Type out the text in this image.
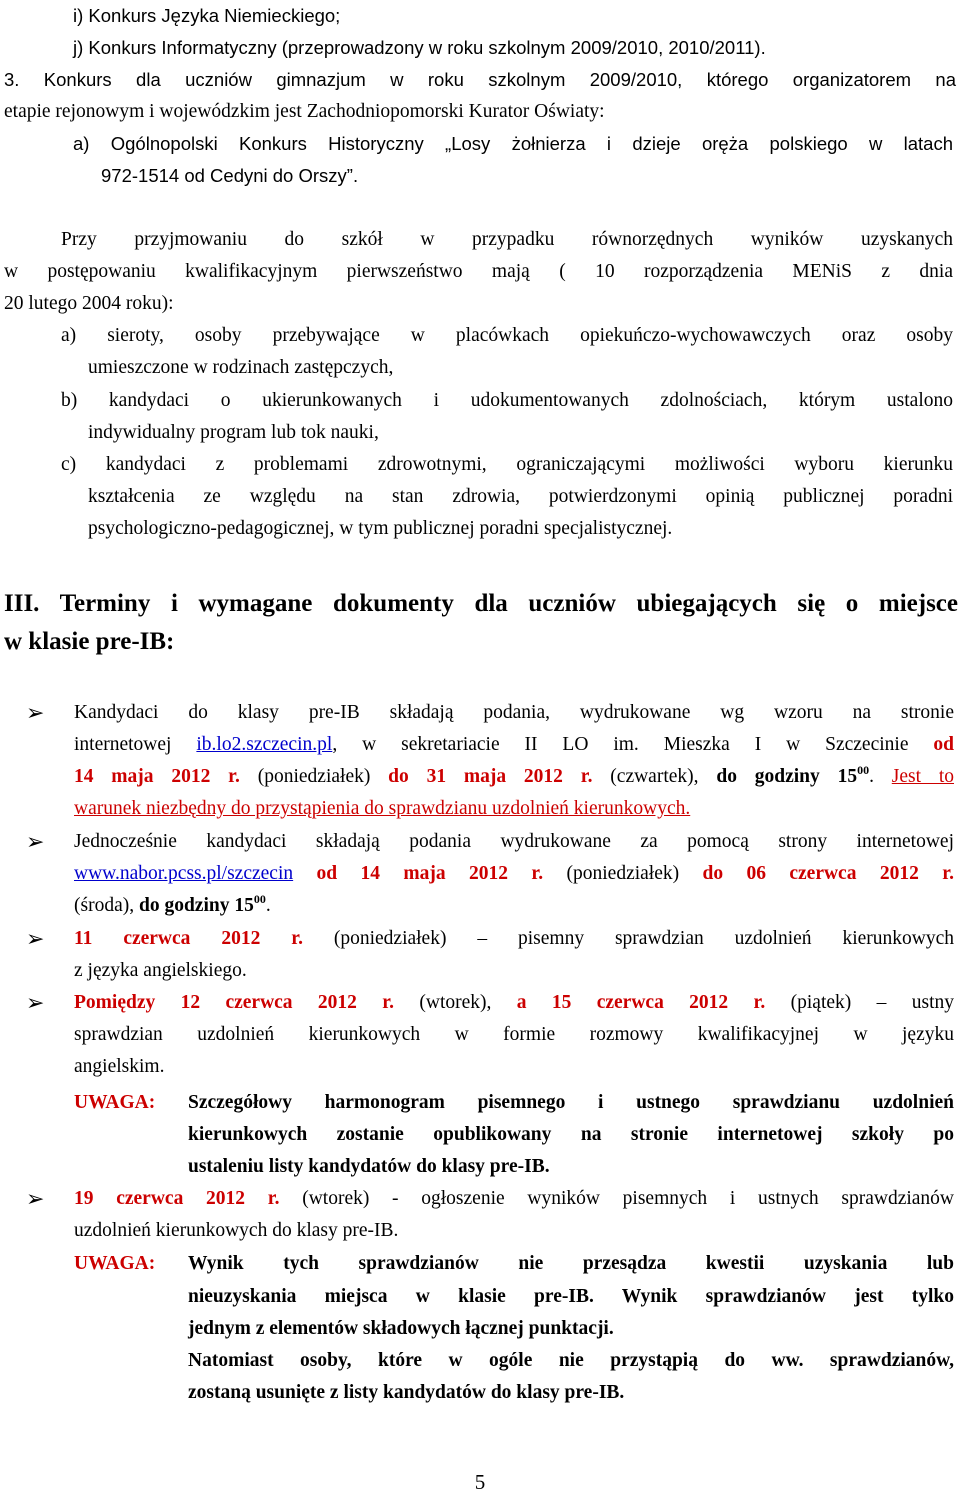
i) Konkurs Języka Niemieckiego;
j) Konkurs Informatyczny (przeprowadzony w roku szkolnym 2009/2010, 2010/2011).
3. Konkurs dla uczniów gimnazjum w roku szkolnym 2009/2010, którego organizatorem na
etapie rejonowym i wojewódzkim jest Zachodniopomorski Kurator Oświaty:
a) Ogólnopolski Konkurs Historyczny „Losy żołnierza i dzieje oręża polskiego w latach
972-1514 od Cedyni do Orszy”.
Przy przyjmowaniu do szkół w przypadku równorzędnych wyników uzyskanych
w postępowaniu kwalifikacyjnym pierwszeństwo mają ( 10 rozporządzenia MENiS z dnia
20 lutego 2004 roku):
a) sieroty, osoby przebywające w placówkach opiekuńczo-wychowawczych oraz osoby
umieszczone w rodzinach zastępczych,
b) kandydaci o ukierunkowanych i udokumentowanych zdolnościach, którym ustalono
indywidualny program lub tok nauki,
c) kandydaci z problemami zdrowotnymi, ograniczającymi możliwości wyboru kierunku
kształcenia ze względu na stan zdrowia, potwierdzonymi opinią publicznej poradni
psychologiczno-pedagogicznej, w tym publicznej poradni specjalistycznej.
III. Terminy i wymagane dokumenty dla uczniów ubiegających się o miejsce
w klasie pre-IB:
➢ Kandydaci do klasy pre-IB składają podania, wydrukowane wg wzoru na stronie
internetowej ib.lo2.szczecin.pl, w sekretariacie II LO im. Mieszka I w Szczecinie od
14 maja 2012 r. (poniedziałek) do 31 maja 2012 r. (czwartek), do godziny $15^{00}$. Jest to
warunek niezbędny do przystąpienia do sprawdzianu uzdolnień kierunkowych.
➢ Jednocześnie kandydaci składają podania wydrukowane za pomocą strony internetowej
www.nabor.pcss.pl/szczecin od 14 maja 2012 r. (poniedziałek) do 06 czerwca 2012 r.
(środa), do godziny $15^{00}$.
➢ 11 czerwca 2012 r. (poniedziałek) – pisemny sprawdzian uzdolnień kierunkowych
z języka angielskiego.
➢ Pomiędzy 12 czerwca 2012 r. (wtorek), a 15 czerwca 2012 r. (piątek) – ustny
sprawdzian uzdolnień kierunkowych w formie rozmowy kwalifikacyjnej w języku
angielskim.
UWAGA: Szczegółowy harmonogram pisemnego i ustnego sprawdzianu uzdolnień
kierunkowych zostanie opublikowany na stronie internetowej szkoły po
ustaleniu listy kandydatów do klasy pre-IB.
➢ 19 czerwca 2012 r. (wtorek) - ogłoszenie wyników pisemnych i ustnych sprawdzianów
uzdolnień kierunkowych do klasy pre-IB.
UWAGA: Wynik tych sprawdzianów nie przesądza kwestii uzyskania lub
nieuzyskania miejsca w klasie pre-IB. Wynik sprawdzianów jest tylko
jednym z elementów składowych łącznej punktacji.
Natomiast osoby, które w ogóle nie przystąpią do ww. sprawdzianów,
zostaną usunięte z listy kandydatów do klasy pre-IB.
5
